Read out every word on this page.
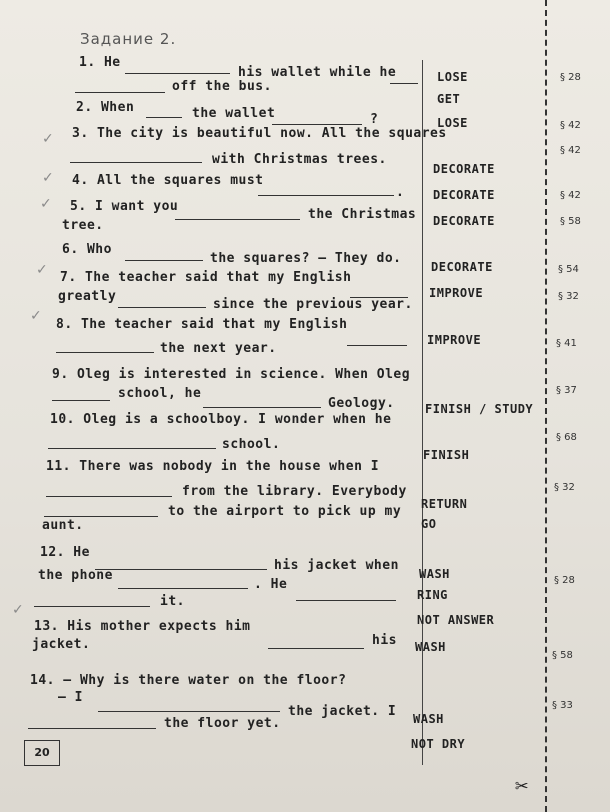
Задание 2.
✓
✓
✓
✓
✓
✓
1. He
his wallet while he
off the bus.
2. When	the wallet	?
3. The city is beautiful now. All the squares
with Christmas trees.
4. All the squares must
.
5. I want you
the Christmas
tree.
6. Who
the squares? — They do.
7. The teacher said that my English
greatly
since the previous year.
8. The teacher said that my English
the next year.
9. Oleg is interested in science. When Oleg
school, he
Geology.
10. Oleg is a schoolboy. I wonder when he
school.
11. There was nobody in the house when I
from the library. Everybody
to the airport to pick up my
aunt.
12. He
his jacket when
the phone
. He
it.
13. His mother expects him
his
jacket.
14. — Why is there water on the floor?
— I
the jacket. I
the floor yet.
LOSE
GET
LOSE
DECORATE
DECORATE
DECORATE
DECORATE
IMPROVE
IMPROVE
FINISH / STUDY
FINISH
RETURN
GO
WASH
RING
NOT ANSWER
WASH
WASH
NOT DRY
§ 28
§ 42
§ 42
§ 42
§ 58
§ 54
§ 32
§ 41
§ 37
§ 68
§ 32
§ 28
§ 58
§ 33
20
✂
